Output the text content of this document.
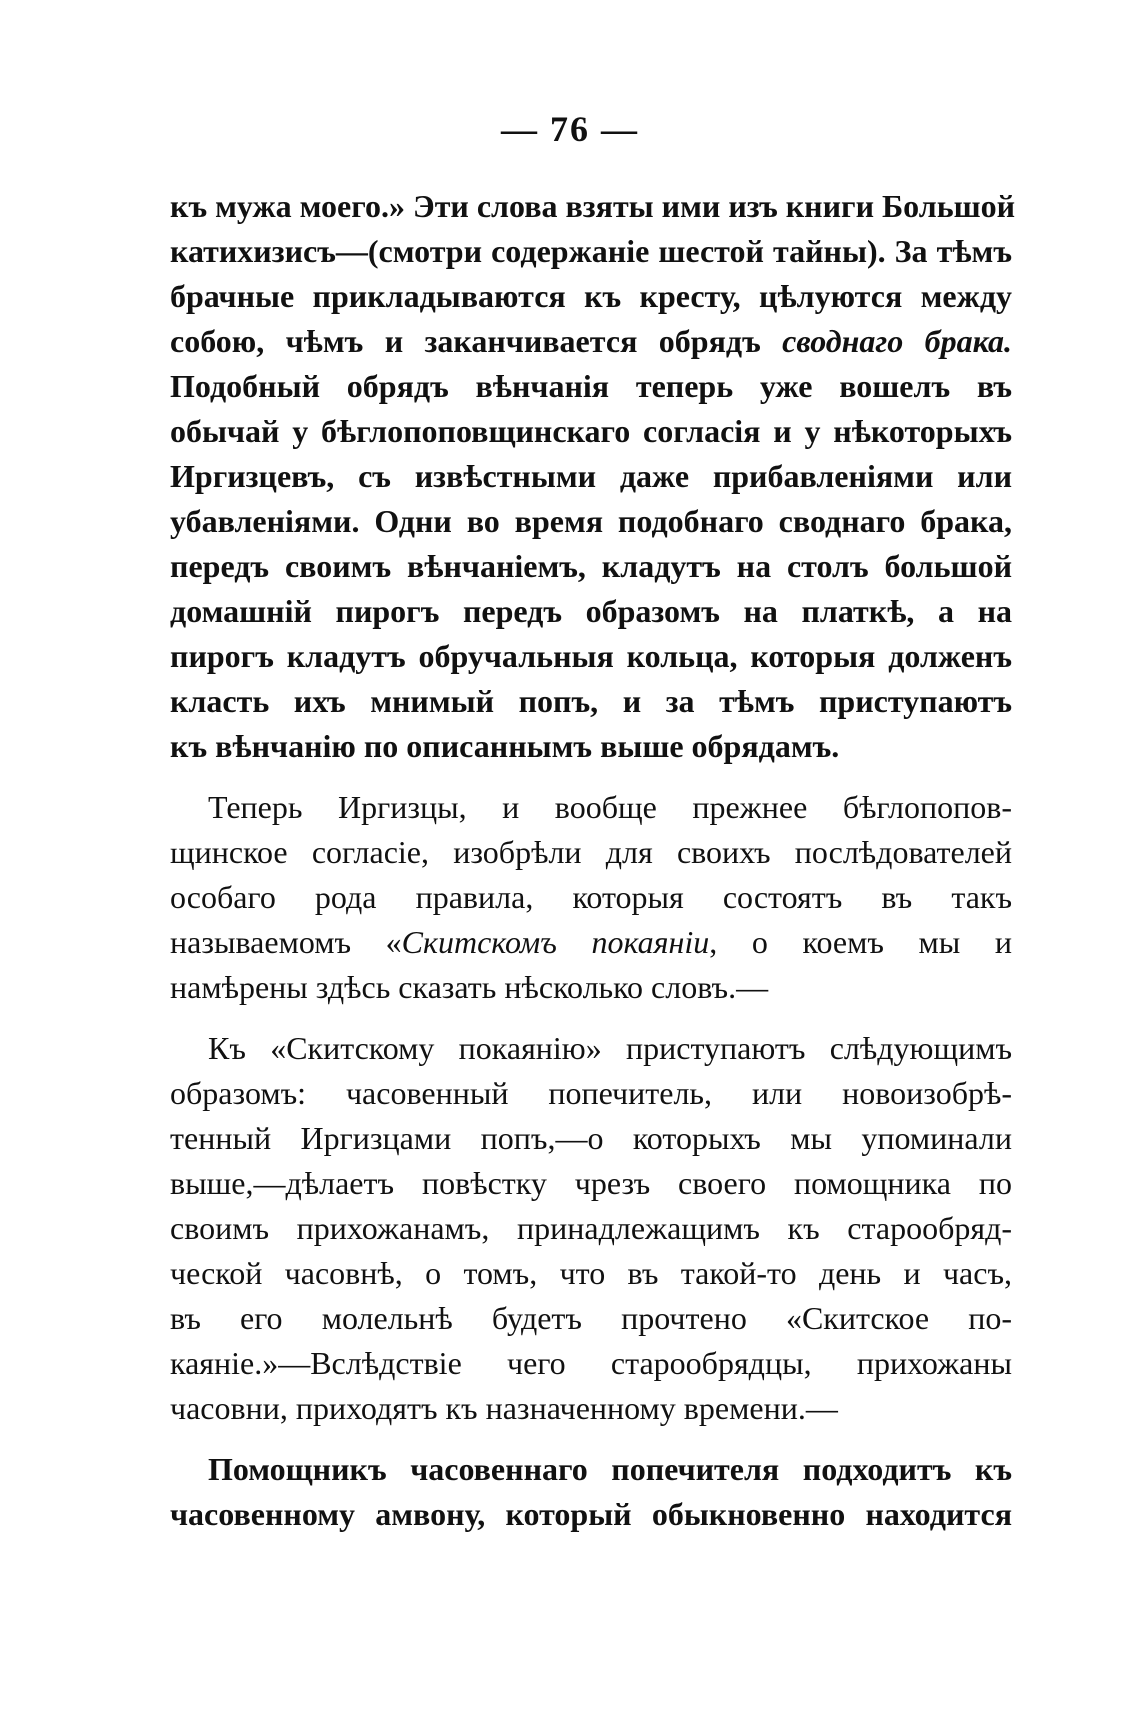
— 76 —
къ мужа моего.» Эти слова взяты ими изъ книги Большой
катихизисъ—(смотри содержаніе шестой тайны). За тѣмъ
брачные прикладываются къ кресту, цѣлуются между
собою, чѣмъ и заканчивается обрядъ своднаго брака.
Подобный обрядъ вѣнчанія теперь уже вошелъ въ
обычай у бѣглопоповщинскаго согласія и у нѣкоторыхъ
Иргизцевъ, съ извѣстными даже прибавленіями или
убавленіями. Одни во время подобнаго своднаго брака,
передъ своимъ вѣнчаніемъ, кладутъ на столъ большой
домашній пирогъ передъ образомъ на платкѣ, а на
пирогъ кладутъ обручальныя кольца, которыя долженъ
класть ихъ мнимый попъ, и за тѣмъ приступаютъ
къ вѣнчанію по описаннымъ выше обрядамъ.
Теперь Иргизцы, и вообще прежнее бѣглопопов-
щинское согласіе, изобрѣли для своихъ послѣдователей
особаго рода правила, которыя состоятъ въ такъ
называемомъ «Скитскомъ покаяніи, о коемъ мы и
намѣрены здѣсь сказать нѣсколько словъ.—
Къ «Скитскому покаянію» приступаютъ слѣдующимъ
образомъ: часовенный попечитель, или новоизобрѣ-
тенный Иргизцами попъ,—о которыхъ мы упоминали
выше,—дѣлаетъ повѣстку чрезъ своего помощника по
своимъ прихожанамъ, принадлежащимъ къ старообряд-
ческой часовнѣ, о томъ, что въ такой-то день и часъ,
въ его молельнѣ будетъ прочтено «Скитское по-
каяніе.»—Вслѣдствіе чего старообрядцы, прихожаны
часовни, приходятъ къ назначенному времени.—
Помощникъ часовеннаго попечителя подходитъ къ
часовенному амвону, который обыкновенно находится
